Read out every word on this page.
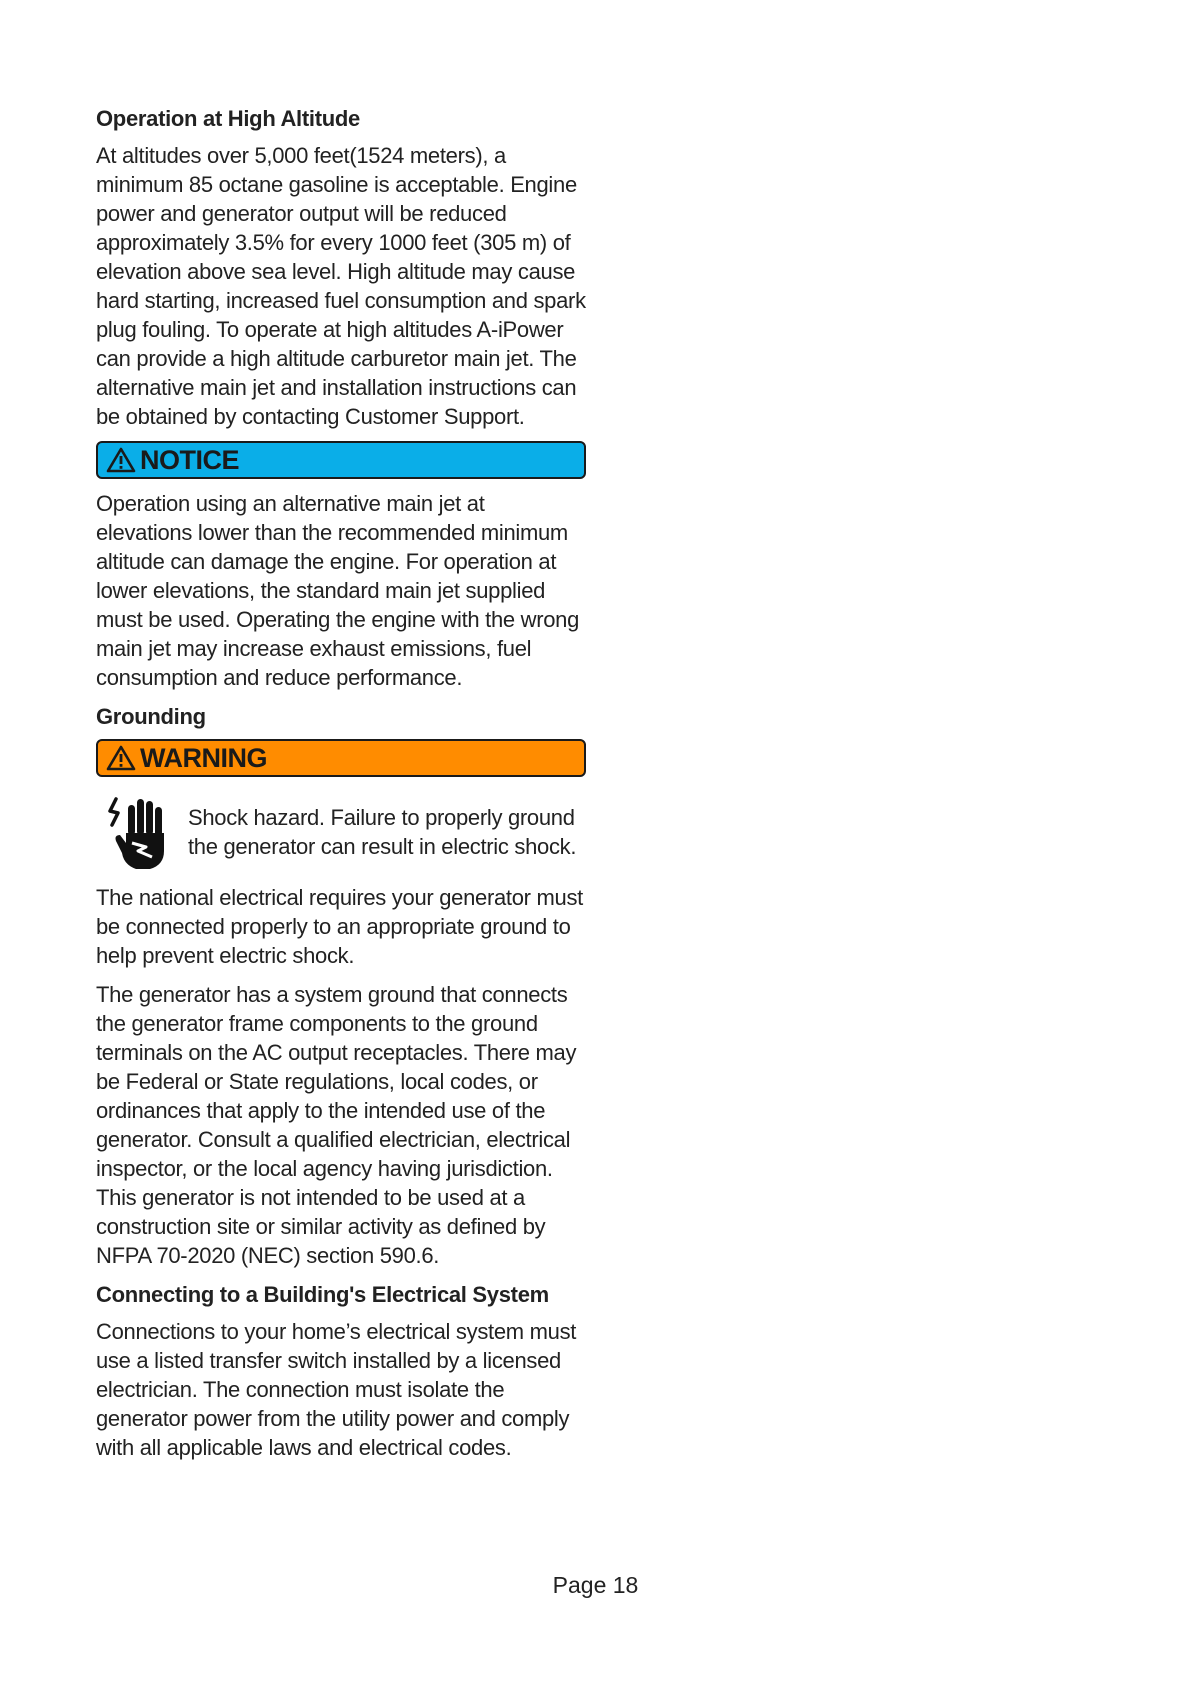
Operation at High Altitude
At altitudes over 5,000 feet(1524 meters), a minimum 85 octane gasoline is acceptable. Engine power and generator output will be reduced approximately 3.5% for every 1000 feet (305 m) of elevation above sea level. High altitude may cause hard starting, increased fuel consumption and spark plug fouling. To operate at high altitudes A-iPower can provide a high altitude carburetor main jet. The alternative main jet and installation instructions can be obtained by contacting Customer Support.
NOTICE
Operation using an alternative main jet at elevations lower than the recommended minimum altitude can damage the engine. For operation at lower elevations, the standard main jet supplied must be used. Operating the engine with the wrong main jet may increase exhaust emissions, fuel consumption and reduce performance.
Grounding
WARNING
Shock hazard. Failure to properly ground the generator can result in electric shock.
The national electrical requires your generator must be connected properly to an appropriate ground to help prevent electric shock.
The generator has a system ground that connects the generator frame components to the ground terminals on the AC output receptacles. There may be Federal or State regulations, local codes, or ordinances that apply to the intended use of the generator. Consult a qualified electrician, electrical inspector, or the local agency having jurisdiction. This generator is not intended to be used at a construction site or similar activity as defined by NFPA 70-2020 (NEC) section 590.6.
Connecting to a Building's Electrical System
Connections to your home’s electrical system must use a listed transfer switch installed by a licensed electrician. The connection must isolate the generator power from the utility power and comply with all applicable laws and electrical codes.
Page 18
